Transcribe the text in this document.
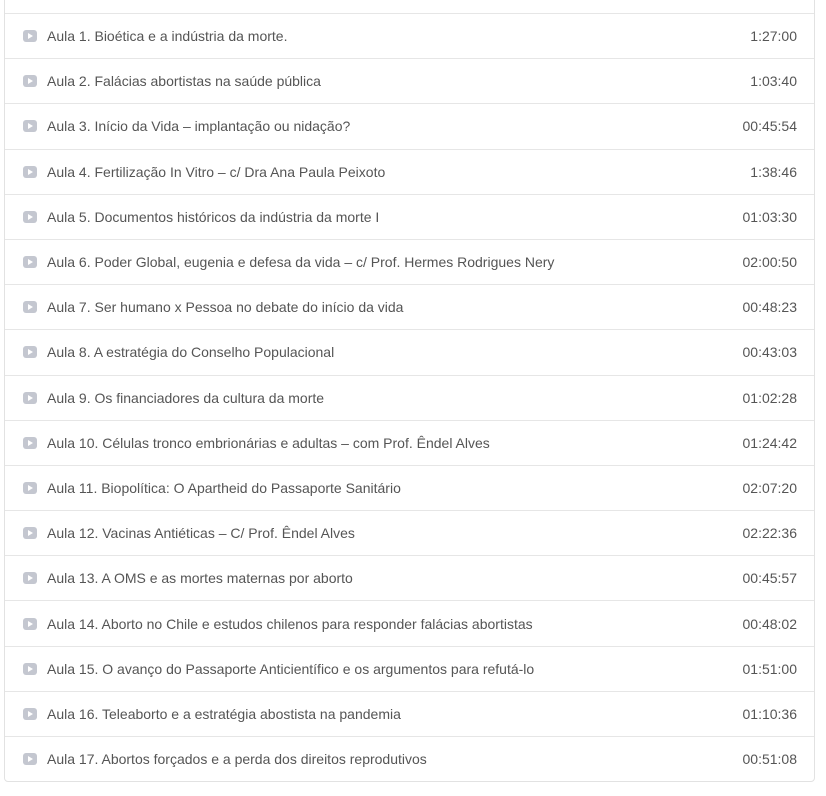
Aula 1. Bioética e a indústria da morte.	1:27:00
Aula 2. Falácias abortistas na saúde pública	1:03:40
Aula 3. Início da Vida – implantação ou nidação?	00:45:54
Aula 4. Fertilização In Vitro – c/ Dra Ana Paula Peixoto	1:38:46
Aula 5. Documentos históricos da indústria da morte I	01:03:30
Aula 6. Poder Global, eugenia e defesa da vida – c/ Prof. Hermes Rodrigues Nery	02:00:50
Aula 7. Ser humano x Pessoa no debate do início da vida	00:48:23
Aula 8. A estratégia do Conselho Populacional	00:43:03
Aula 9. Os financiadores da cultura da morte	01:02:28
Aula 10. Células tronco embrionárias e adultas – com Prof. Êndel Alves	01:24:42
Aula 11. Biopolítica: O Apartheid do Passaporte Sanitário	02:07:20
Aula 12. Vacinas Antiéticas – C/ Prof. Êndel Alves	02:22:36
Aula 13. A OMS e as mortes maternas por aborto	00:45:57
Aula 14. Aborto no Chile e estudos chilenos para responder falácias abortistas	00:48:02
Aula 15. O avanço do Passaporte Anticientífico e os argumentos para refutá-lo	01:51:00
Aula 16. Teleaborto e a estratégia abostista na pandemia	01:10:36
Aula 17. Abortos forçados e a perda dos direitos reprodutivos	00:51:08
